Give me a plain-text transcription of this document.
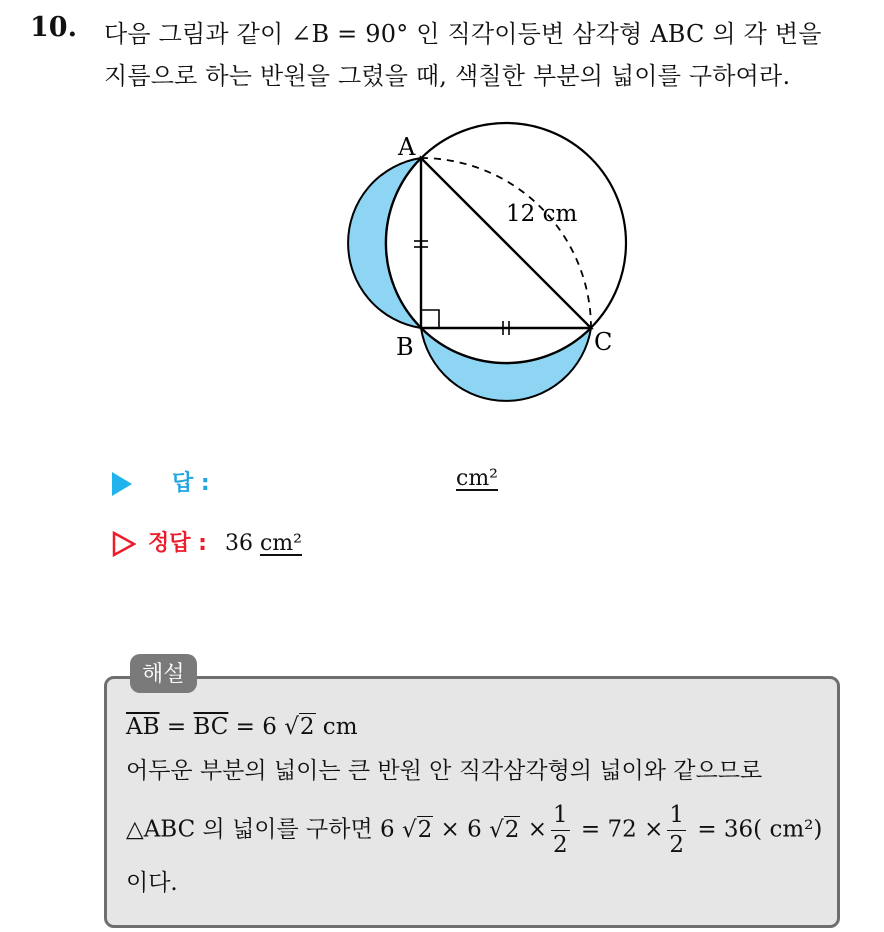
10. 다음 그림과 같이 ∠B = 90° 인 직각이등변 삼각형 ABC 의 각 변을
지름으로 하는 반원을 그렸을 때, 색칠한 부분의 넓이를 구하여라.
A
B	C
12 cm
답 :	cm²
정답 : 36 cm²
해설
$\overline{AB} = \overline{BC} = 6$ √2 cm
어두운 부분의 넓이는 큰 반원 안 직각삼각형의 넓이와 같으므로
△ABC 의 넓이를 구하면 6 √2 × 6 $√2 \times \frac{1}{2} = 72 \times \frac{1}{2} = 36$( cm²)
이다.
